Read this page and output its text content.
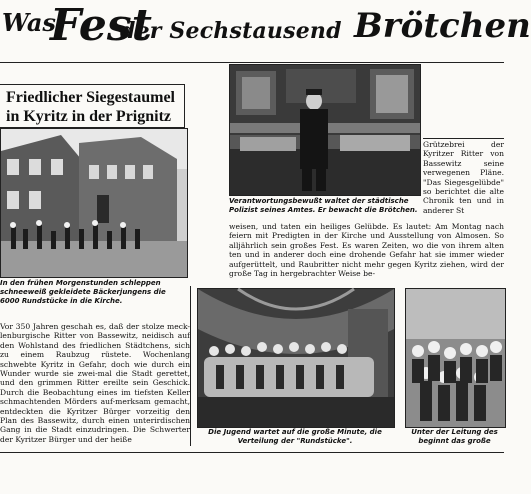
Was
Fest
der Sechstausend Brötchen
Friedlicher Siegestaumel in Kyritz in der Prignitz
In den frühen Morgenstunden schleppen schneeweiß gekleidete Bäckerjungens die 6000 Rundstücke in die Kirche.

Vor 350 Jahren geschah es, daß der stolze meck-lenburgische Ritter von Bassewitz, neidisch auf den Wohlstand des friedlichen Städtchens, sich zu einem Raubzug rüstete. Wochenlang schwebte Kyritz in Gefahr, doch wie durch ein Wunder wurde sie zwei-mal die Stadt gerettet, und den grimmen Ritter ereilte sein Geschick. Durch die Beobachtung eines im tiefsten Keller schmachtenden Mörders auf-merksam gemacht, entdeckten die Kyritzer Bürger vorzeitig den Plan des Bassewitz, durch einen unterirdischen Gang in die Stadt einzudringen. Die Schwerter der Kyritzer Bürger und der heiße

Verantwortungsbewußt waltet der städtische Polizist seines Amtes. Er bewacht die Brötchen.

weisen, und taten ein heiliges Gelübde. Es lautet: Am Montag nach feiern mit Predigten in der Kirche und Ausstellung von Almosen. So alljährlich sein großes Fest. Es waren Zeiten, wo die von ihrem alten ten und in anderer doch eine drohende Gefahr hat sie immer wieder aufgerüttelt, und Raubritter nicht mehr gegen Kyritz ziehen, wird der große Tag in hergebrachter Weise be-

Grützebrei der Kyritzer Ritter von Bassewitz seine verwegenen Pläne. "Das Siegesgelübde" so berichtet die alte Chronik ten und in anderer St
Die Jugend wartet auf die große Minute, die Verteilung der "Rundstücke".
Unter der Leitung des beginnt das große
